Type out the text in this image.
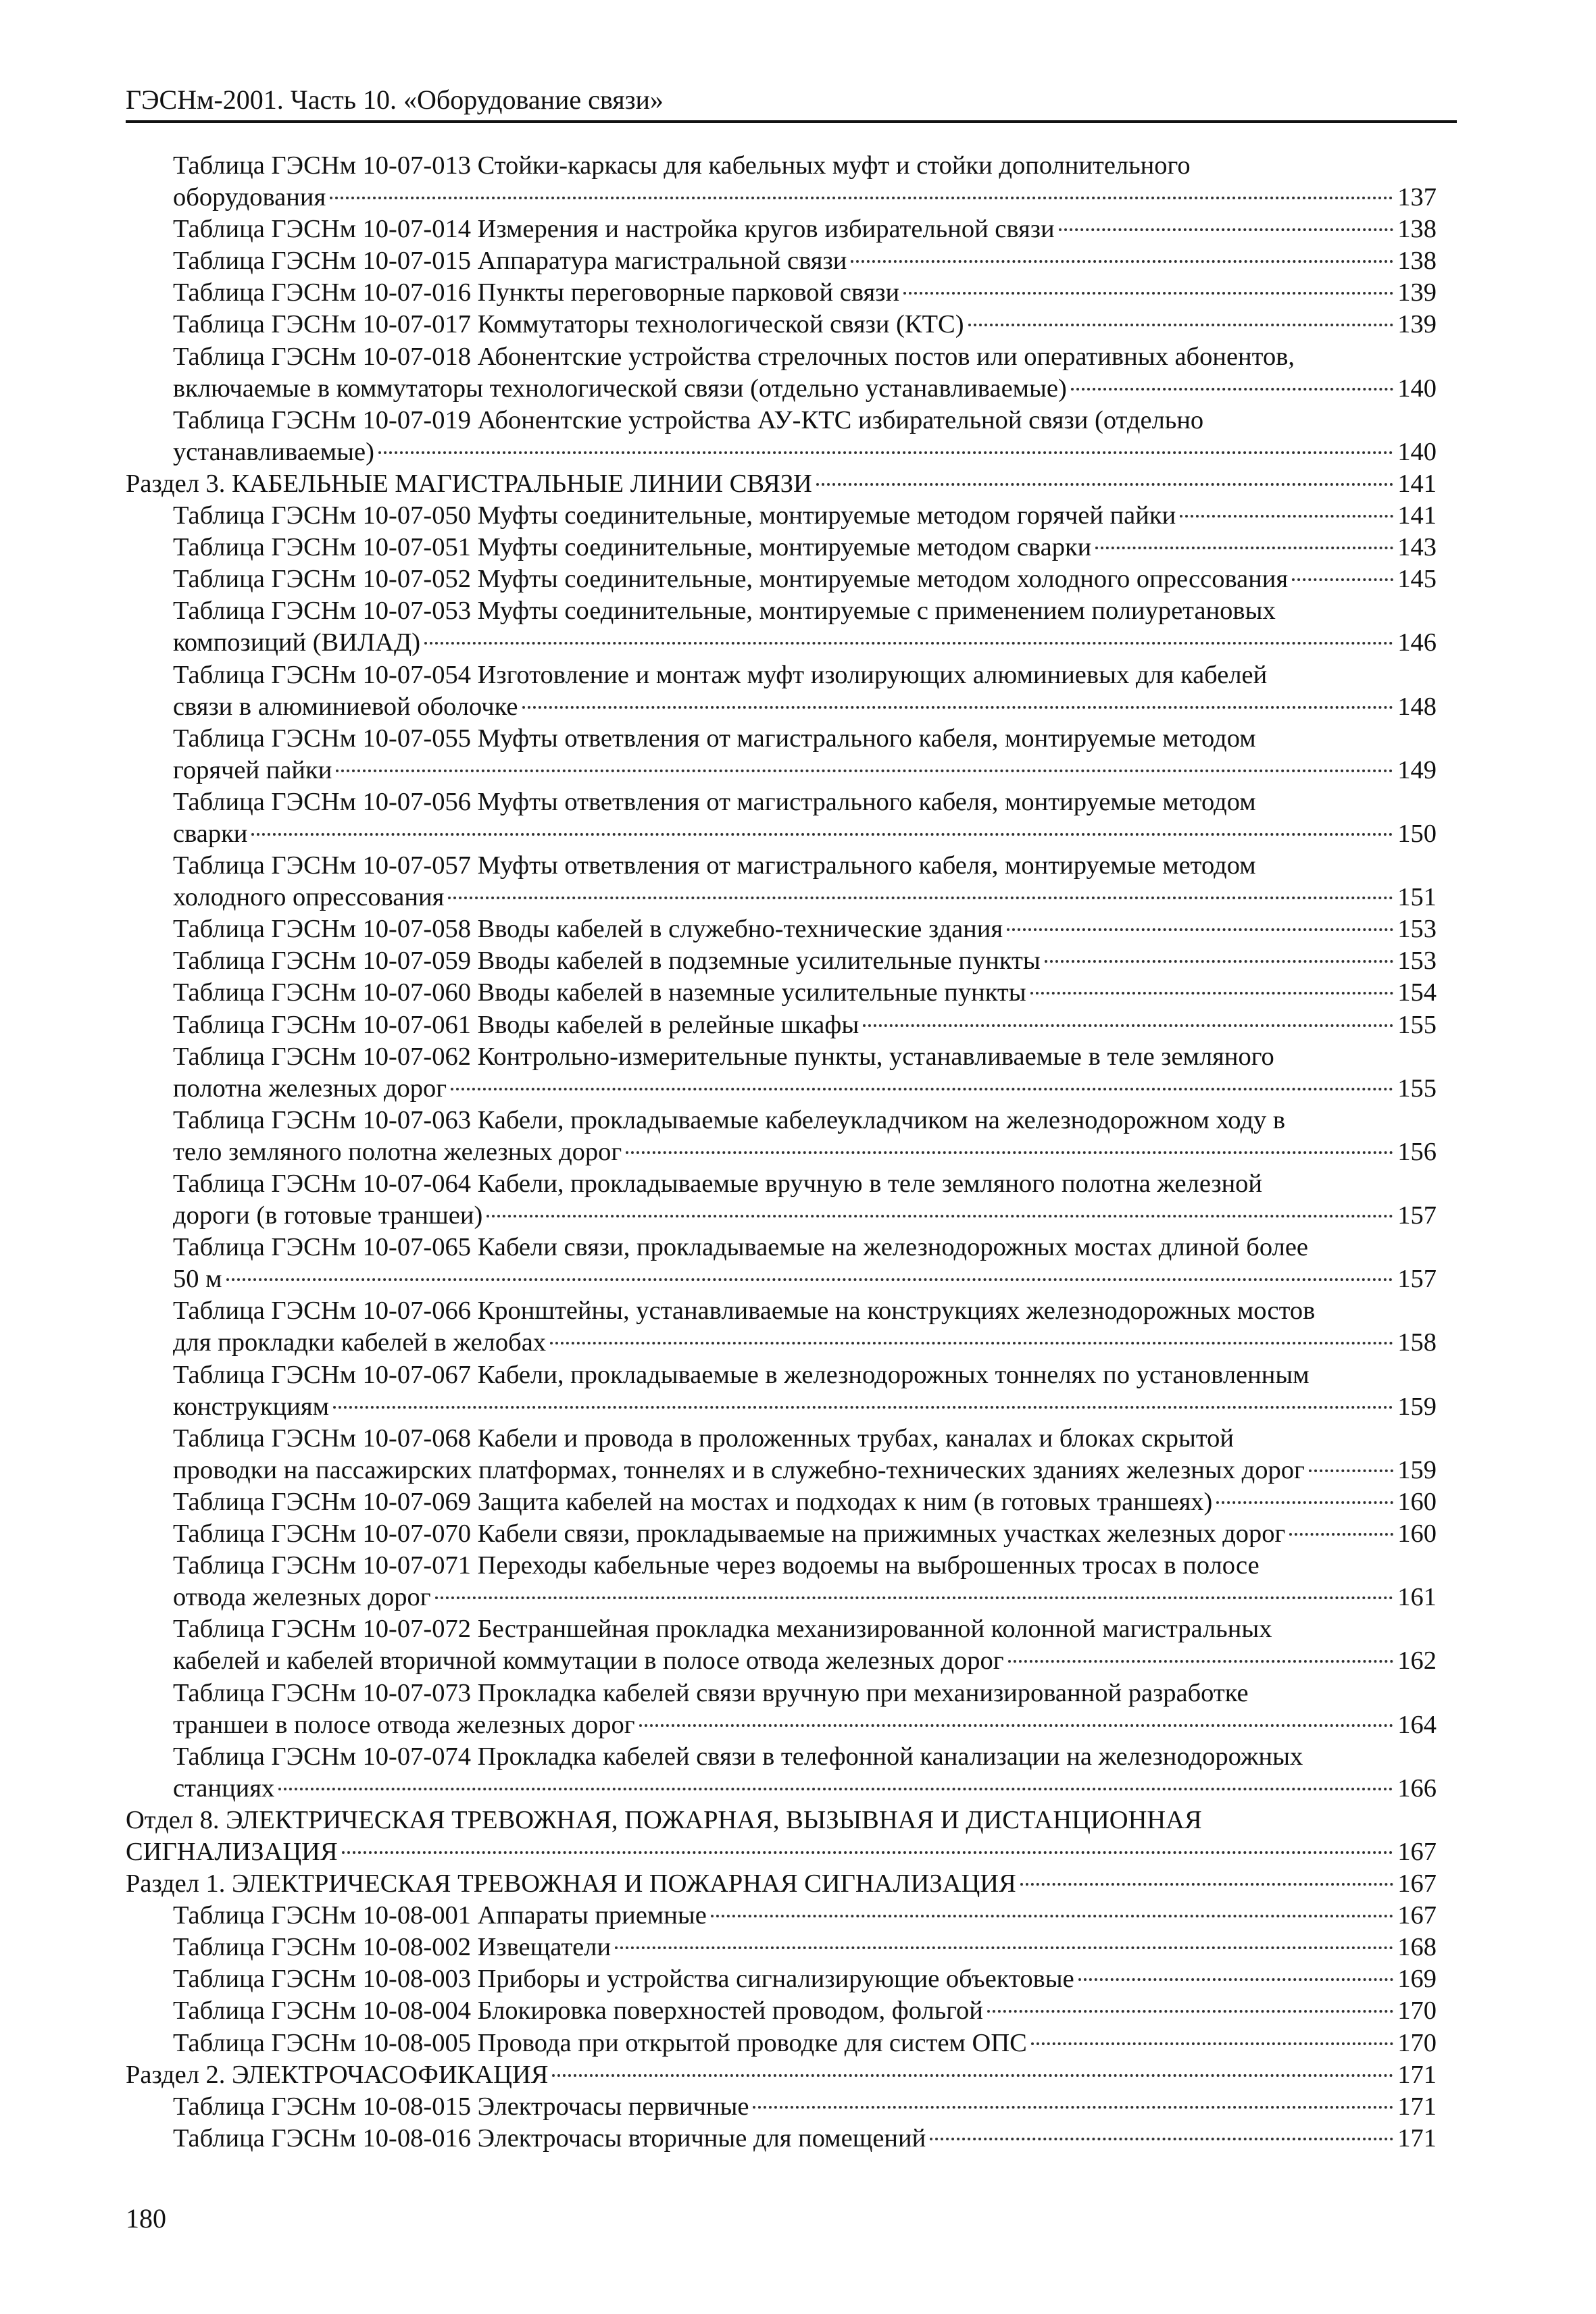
ГЭСНм-2001. Часть 10. «Оборудование связи»
Таблица ГЭСНм 10-07-013 Стойки-каркасы для кабельных муфт и стойки дополнительного
оборудования	137
Таблица ГЭСНм 10-07-014 Измерения и настройка кругов избирательной связи	138
Таблица ГЭСНм 10-07-015 Аппаратура магистральной связи	138
Таблица ГЭСНм 10-07-016 Пункты переговорные парковой связи	139
Таблица ГЭСНм 10-07-017 Коммутаторы технологической связи (КТС)	139
Таблица ГЭСНм 10-07-018 Абонентские устройства стрелочных постов или оперативных абонентов,
включаемые в коммутаторы технологической связи (отдельно устанавливаемые)	140
Таблица ГЭСНм 10-07-019 Абонентские устройства АУ-КТС избирательной связи (отдельно
устанавливаемые)	140
Раздел 3. КАБЕЛЬНЫЕ МАГИСТРАЛЬНЫЕ ЛИНИИ СВЯЗИ	141
Таблица ГЭСНм 10-07-050 Муфты соединительные, монтируемые методом горячей пайки	141
Таблица ГЭСНм 10-07-051 Муфты соединительные, монтируемые методом сварки	143
Таблица ГЭСНм 10-07-052 Муфты соединительные, монтируемые методом холодного опрессования	145
Таблица ГЭСНм 10-07-053 Муфты соединительные, монтируемые с применением полиуретановых
композиций (ВИЛАД)	146
Таблица ГЭСНм 10-07-054 Изготовление и монтаж муфт изолирующих алюминиевых для кабелей
связи в алюминиевой оболочке	148
Таблица ГЭСНм 10-07-055 Муфты ответвления от магистрального кабеля, монтируемые методом
горячей пайки	149
Таблица ГЭСНм 10-07-056 Муфты ответвления от магистрального кабеля, монтируемые методом
сварки	150
Таблица ГЭСНм 10-07-057 Муфты ответвления от магистрального кабеля, монтируемые методом
холодного опрессования	151
Таблица ГЭСНм 10-07-058 Вводы кабелей в служебно-технические здания	153
Таблица ГЭСНм 10-07-059 Вводы кабелей в подземные усилительные пункты	153
Таблица ГЭСНм 10-07-060 Вводы кабелей в наземные усилительные пункты	154
Таблица ГЭСНм 10-07-061 Вводы кабелей в релейные шкафы	155
Таблица ГЭСНм 10-07-062 Контрольно-измерительные пункты, устанавливаемые в теле земляного
полотна железных дорог	155
Таблица ГЭСНм 10-07-063 Кабели, прокладываемые кабелеукладчиком на железнодорожном ходу в
тело земляного полотна железных дорог	156
Таблица ГЭСНм 10-07-064 Кабели, прокладываемые вручную в теле земляного полотна железной
дороги (в готовые траншеи)	157
Таблица ГЭСНм 10-07-065 Кабели связи, прокладываемые на железнодорожных мостах длиной более
50 м	157
Таблица ГЭСНм 10-07-066 Кронштейны, устанавливаемые на конструкциях железнодорожных мостов
для прокладки кабелей в желобах	158
Таблица ГЭСНм 10-07-067 Кабели, прокладываемые в железнодорожных тоннелях по установленным
конструкциям	159
Таблица ГЭСНм 10-07-068 Кабели и провода в проложенных трубах, каналах и блоках скрытой
проводки на пассажирских платформах, тоннелях и в служебно-технических зданиях железных дорог	159
Таблица ГЭСНм 10-07-069 Защита кабелей на мостах и подходах к ним (в готовых траншеях)	160
Таблица ГЭСНм 10-07-070 Кабели связи, прокладываемые на прижимных участках железных дорог	160
Таблица ГЭСНм 10-07-071 Переходы кабельные через водоемы на выброшенных тросах в полосе
отвода железных дорог	161
Таблица ГЭСНм 10-07-072 Бестраншейная прокладка механизированной колонной магистральных
кабелей и кабелей вторичной коммутации в полосе отвода железных дорог	162
Таблица ГЭСНм 10-07-073 Прокладка кабелей связи вручную при механизированной разработке
траншеи в полосе отвода железных дорог	164
Таблица ГЭСНм 10-07-074 Прокладка кабелей связи в телефонной канализации на железнодорожных
станциях	166
Отдел 8. ЭЛЕКТРИЧЕСКАЯ ТРЕВОЖНАЯ, ПОЖАРНАЯ, ВЫЗЫВНАЯ И ДИСТАНЦИОННАЯ
СИГНАЛИЗАЦИЯ	167
Раздел 1. ЭЛЕКТРИЧЕСКАЯ ТРЕВОЖНАЯ И ПОЖАРНАЯ СИГНАЛИЗАЦИЯ	167
Таблица ГЭСНм 10-08-001 Аппараты приемные	167
Таблица ГЭСНм 10-08-002 Извещатели	168
Таблица ГЭСНм 10-08-003 Приборы и устройства сигнализирующие объектовые	169
Таблица ГЭСНм 10-08-004 Блокировка поверхностей проводом, фольгой	170
Таблица ГЭСНм 10-08-005 Провода при открытой проводке для систем ОПС	170
Раздел 2. ЭЛЕКТРОЧАСОФИКАЦИЯ	171
Таблица ГЭСНм 10-08-015 Электрочасы первичные	171
Таблица ГЭСНм 10-08-016 Электрочасы вторичные для помещений	171
180
